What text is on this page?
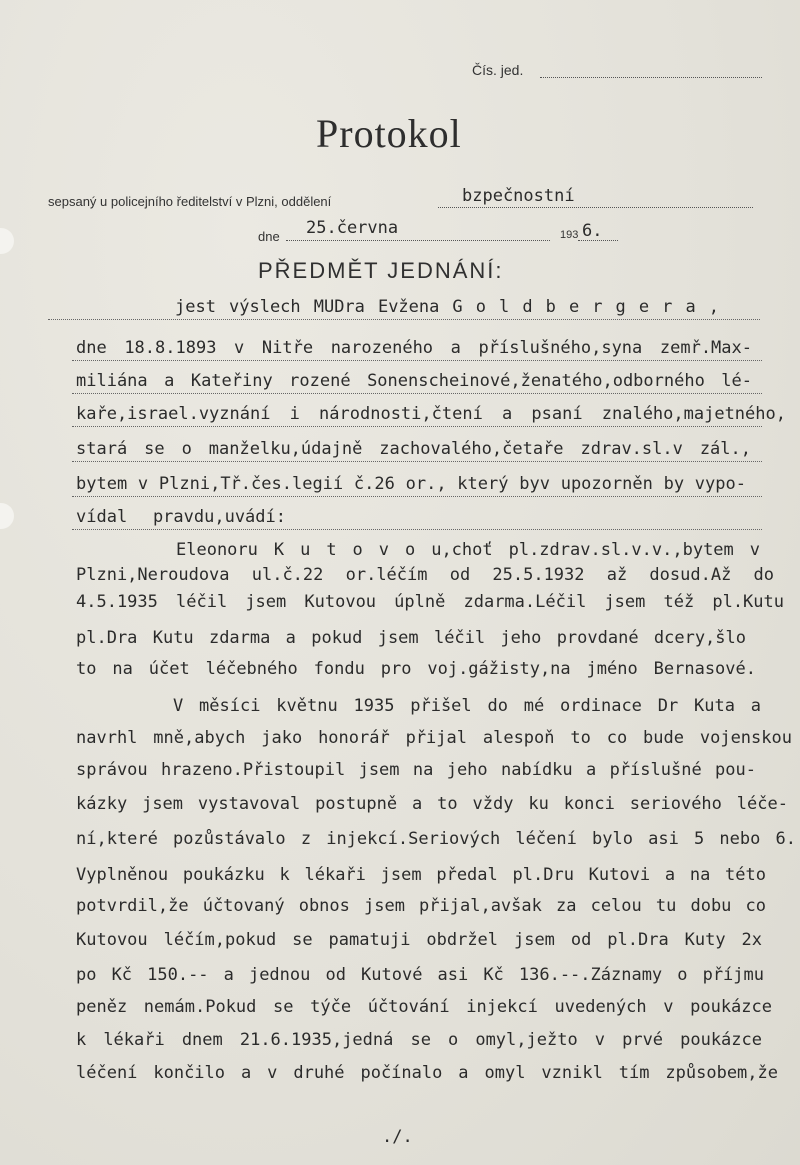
Čís. jed.
Protokol
sepsaný u policejního ředitelství v Plzni, oddělení	bzpečnostní
dne 25.června	193 6.
PŘEDMĚT JEDNÁNÍ:
jest výslech MUDra Evžena G o l d b e r g e r a ,
dne 18.8.1893 v Nitře narozeného a příslušného,syna zemř.Max-
miliána a Kateřiny rozené Sonenscheinové,ženatého,odborného lé-
kaře,israel.vyznání i národnosti,čtení a psaní znalého,majetného,
stará se o manželku,údajně zachovalého,četaře zdrav.sl.v zál.,
bytem v Plzni,Tř.čes.legií č.26 or., který byv upozorněn by vypo-
vídal pravdu,uvádí:
Eleonoru K u t o v o u,choť pl.zdrav.sl.v.v.,bytem v
Plzni,Neroudova ul.č.22 or.léčím od 25.5.1932 až dosud.Až do
4.5.1935 léčil jsem Kutovou úplně zdarma.Léčil jsem též pl.Kutu
pl.Dra Kutu zdarma a pokud jsem léčil jeho provdané dcery,šlo
to na účet léčebného fondu pro voj.gážisty,na jméno Bernasové.
V měsíci květnu 1935 přišel do mé ordinace Dr Kuta a
navrhl mně,abych jako honorář přijal alespoň to co bude vojenskou
správou hrazeno.Přistoupil jsem na jeho nabídku a příslušné pou-
kázky jsem vystavoval postupně a to vždy ku konci seriového léče-
ní,které pozůstávalo z injekcí.Seriových léčení bylo asi 5 nebo 6.
Vyplněnou poukázku k lékaři jsem předal pl.Dru Kutovi a na této
potvrdil,že účtovaný obnos jsem přijal,avšak za celou tu dobu co
Kutovou léčím,pokud se pamatuji obdržel jsem od pl.Dra Kuty 2x
po Kč 150.-- a jednou od Kutové asi Kč 136.--.Záznamy o příjmu
peněz nemám.Pokud se týče účtování injekcí uvedených v poukázce
k lékaři dnem 21.6.1935,jedná se o omyl,ježto v prvé poukázce
léčení končilo a v druhé počínalo a omyl vznikl tím způsobem,že
./.
